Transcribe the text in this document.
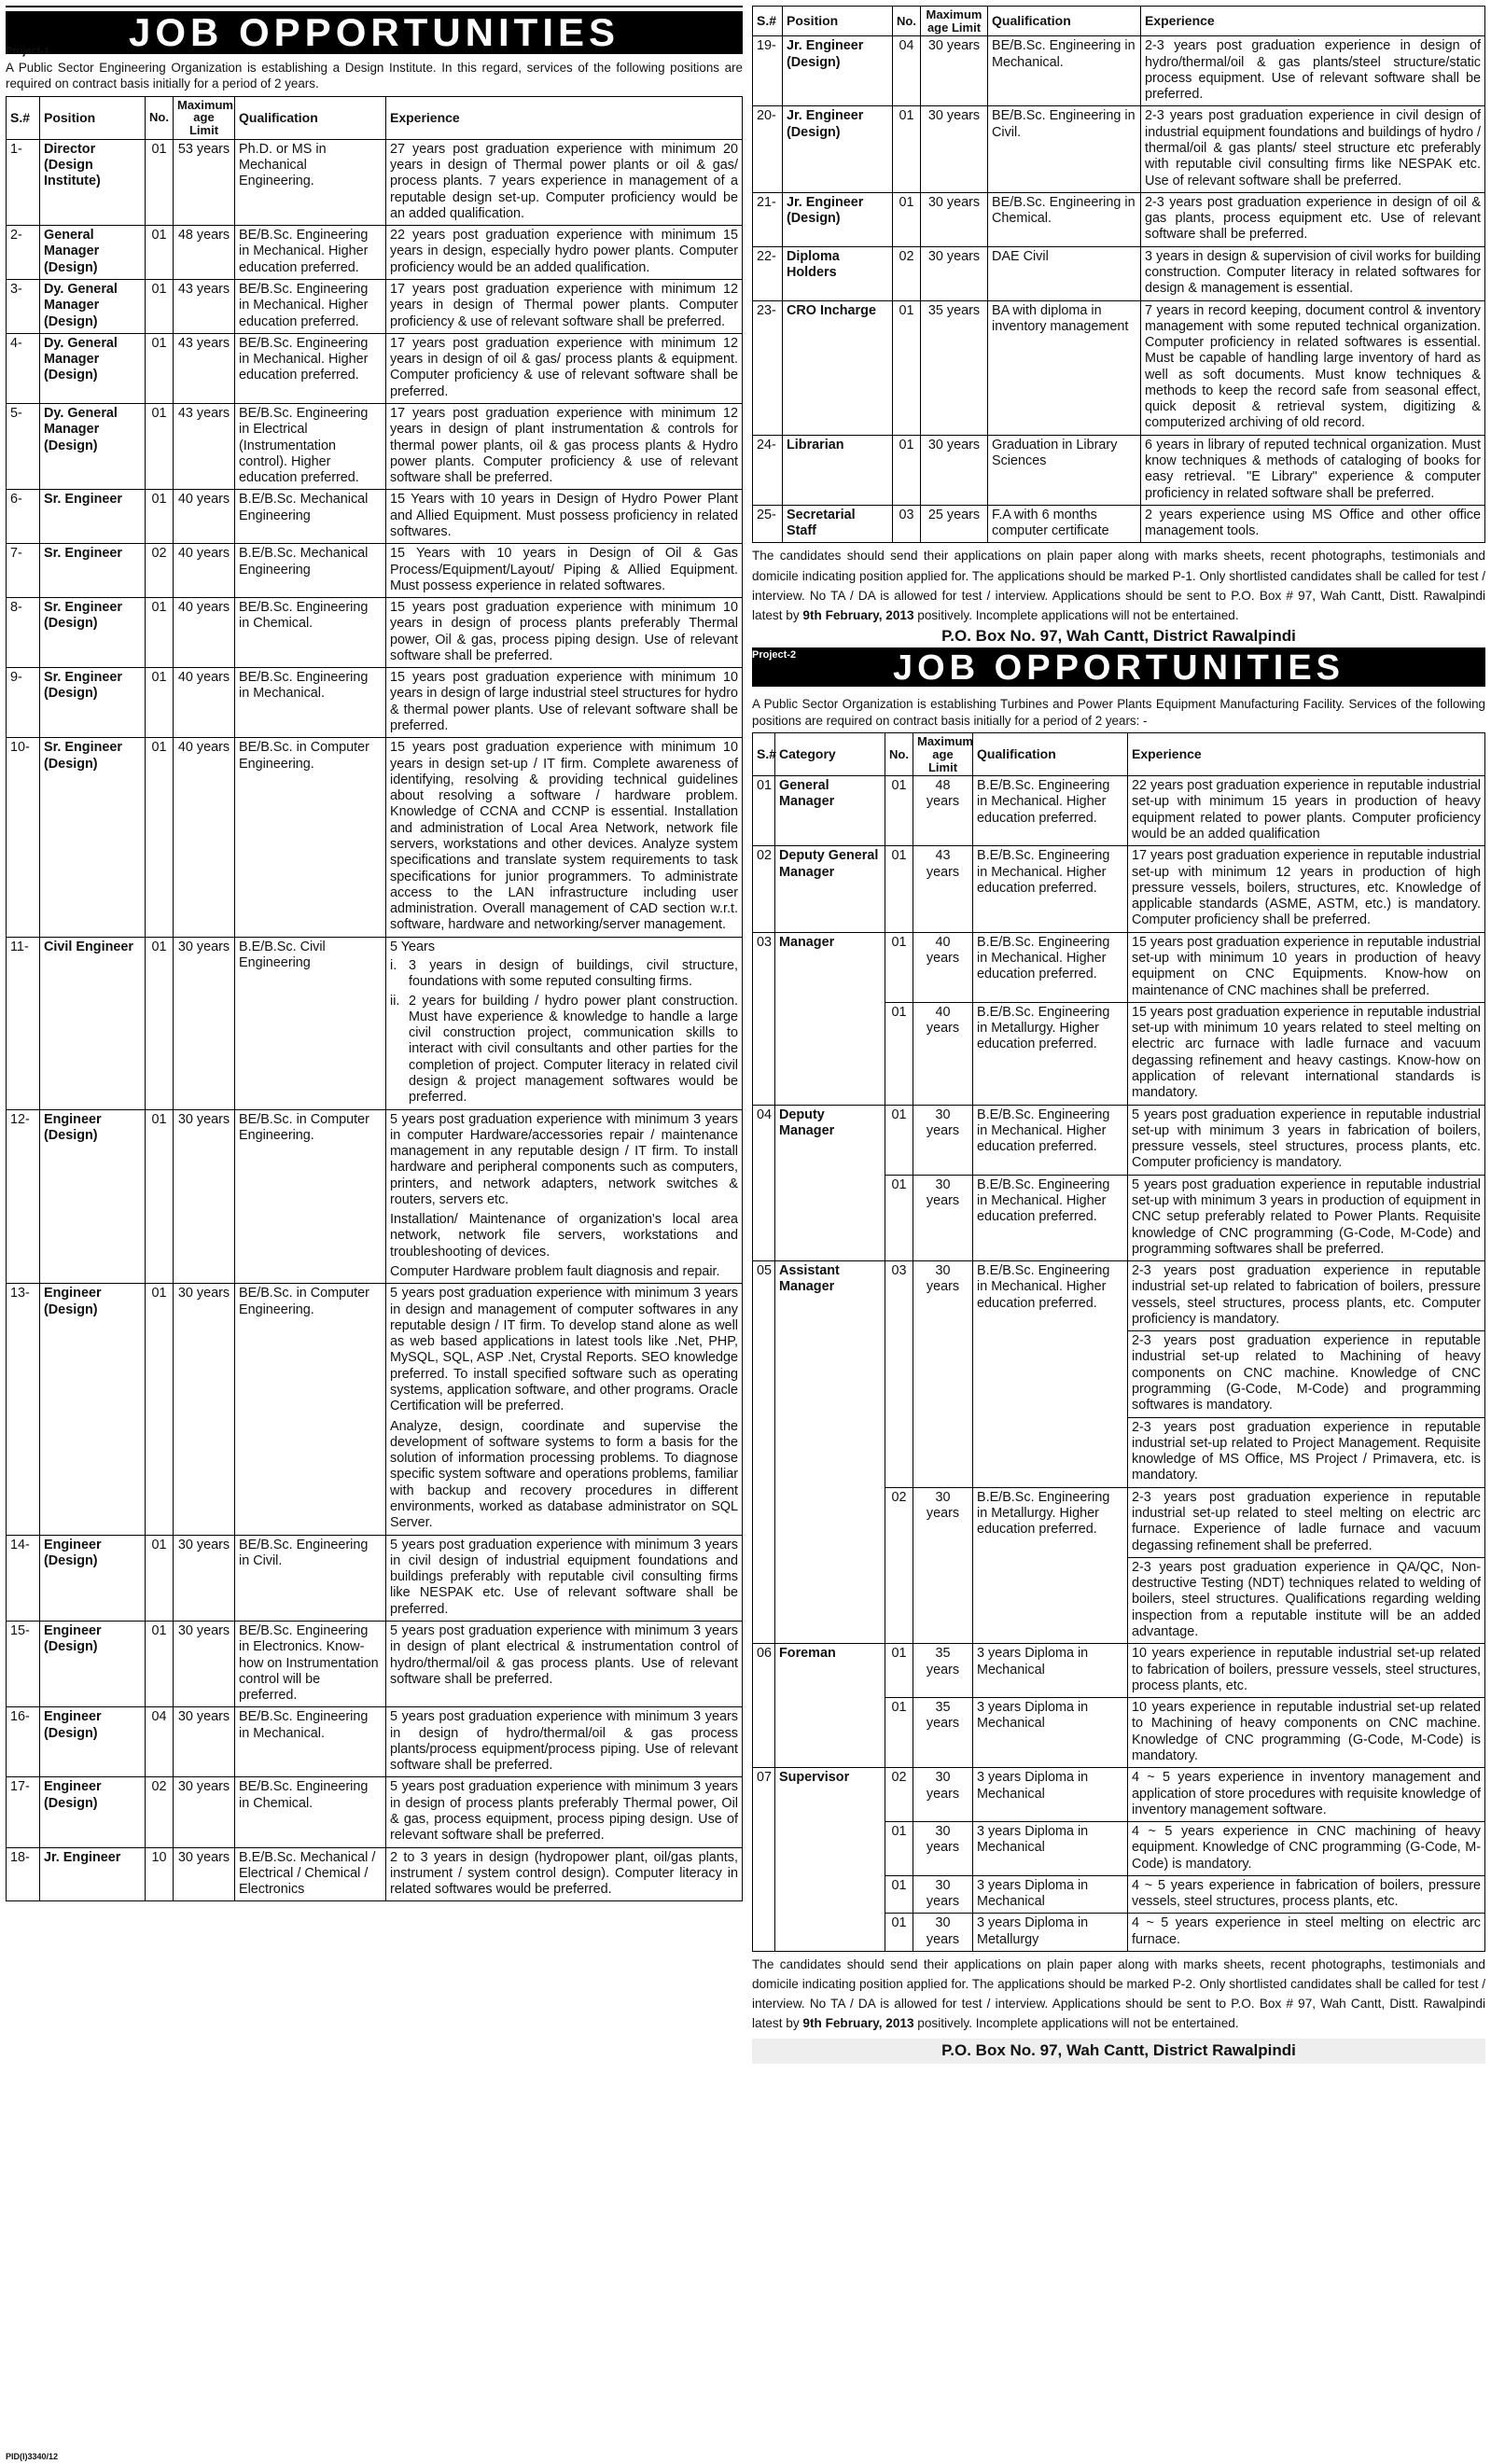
JOB OPPORTUNITIES
Project-1

A Public Sector Engineering Organization is establishing a Design Institute. In this regard, services of the following positions are required on contract basis initially for a period of 2 years.

S.#	Position	No.	Maximum age Limit	Qualification	Experience
1-	Director (Design Institute)	01	53 years	Ph.D. or MS in Mechanical Engineering.	27 years post graduation experience with minimum 20 years in design of Thermal power plants or oil & gas/ process plants. 7 years experience in management of a reputable design set-up. Computer proficiency would be an added qualification.
2-	General Manager (Design)	01	48 years	BE/B.Sc. Engineering in Mechanical. Higher education preferred.	22 years post graduation experience with minimum 15 years in design, especially hydro power plants. Computer proficiency would be an added qualification.
3-	Dy. General Manager (Design)	01	43 years	BE/B.Sc. Engineering in Mechanical. Higher education preferred.	17 years post graduation experience with minimum 12 years in design of Thermal power plants. Computer proficiency & use of relevant software shall be preferred.
4-	Dy. General Manager (Design)	01	43 years	BE/B.Sc. Engineering in Mechanical. Higher education preferred.	17 years post graduation experience with minimum 12 years in design of oil & gas/ process plants & equipment. Computer proficiency & use of relevant software shall be preferred.
5-	Dy. General Manager (Design)	01	43 years	BE/B.Sc. Engineering in Electrical (Instrumentation control). Higher education preferred.	17 years post graduation experience with minimum 12 years in design of plant instrumentation & controls for thermal power plants, oil & gas process plants & Hydro power plants. Computer proficiency & use of relevant software shall be preferred.
6-	Sr. Engineer	01	40 years	B.E/B.Sc. Mechanical Engineering	15 Years with 10 years in Design of Hydro Power Plant and Allied Equipment. Must possess proficiency in related softwares.
7-	Sr. Engineer	02	40 years	B.E/B.Sc. Mechanical Engineering	15 Years with 10 years in Design of Oil & Gas Process/Equipment/Layout/ Piping & Allied Equipment. Must possess experience in related softwares.
8-	Sr. Engineer (Design)	01	40 years	BE/B.Sc. Engineering in Chemical.	15 years post graduation experience with minimum 10 years in design of process plants preferably Thermal power, Oil & gas, process piping design. Use of relevant software shall be preferred.
9-	Sr. Engineer (Design)	01	40 years	BE/B.Sc. Engineering in Mechanical.	15 years post graduation experience with minimum 10 years in design of large industrial steel structures for hydro & thermal power plants. Use of relevant software shall be preferred.
10-	Sr. Engineer (Design)	01	40 years	BE/B.Sc. in Computer Engineering.	15 years post graduation experience with minimum 10 years in design set-up / IT firm. Complete awareness of identifying, resolving & providing technical guidelines about resolving a software / hardware problem. Knowledge of CCNA and CCNP is essential. Installation and administration of Local Area Network, network file servers, workstations and other devices. Analyze system specifications and translate system requirements to task specifications for junior programmers. To administrate access to the LAN infrastructure including user administration. Overall management of CAD section w.r.t. software, hardware and networking/server management.
11-	Civil Engineer	01	30 years	B.E/B.Sc. Civil Engineering	5 Years
i. 3 years in design of buildings, civil structure, foundations with some reputed consulting firms.
ii. 2 years for building / hydro power plant construction. Must have experience & knowledge to handle a large civil construction project, communication skills to interact with civil consultants and other parties for the completion of project. Computer literacy in related civil design & project management softwares would be preferred.

12-	Engineer (Design)	01	30 years	BE/B.Sc. in Computer Engineering.	5 years post graduation experience with minimum 3 years in computer Hardware/accessories repair / maintenance management in any reputable design / IT firm. To install hardware and peripheral components such as computers, printers, and network adapters, network switches & routers, servers etc.
Installation/ Maintenance of organization's local area network, network file servers, workstations and troubleshooting of devices.
Computer Hardware problem fault diagnosis and repair.

13-	Engineer (Design)	01	30 years	BE/B.Sc. in Computer Engineering.	5 years post graduation experience with minimum 3 years in design and management of computer softwares in any reputable design / IT firm. To develop stand alone as well as web based applications in latest tools like .Net, PHP, MySQL, SQL, ASP .Net, Crystal Reports. SEO knowledge preferred. To install specified software such as operating systems, application software, and other programs. Oracle Certification will be preferred.
Analyze, design, coordinate and supervise the development of software systems to form a basis for the solution of information processing problems. To diagnose specific system software and operations problems, familiar with backup and recovery procedures in different environments, worked as database administrator on SQL Server.

14-	Engineer (Design)	01	30 years	BE/B.Sc. Engineering in Civil.	5 years post graduation experience with minimum 3 years in civil design of industrial equipment foundations and buildings preferably with reputable civil consulting firms like NESPAK etc. Use of relevant software shall be preferred.
15-	Engineer (Design)	01	30 years	BE/B.Sc. Engineering in Electronics. Know-how on Instrumentation control will be preferred.	5 years post graduation experience with minimum 3 years in design of plant electrical & instrumentation control of hydro/thermal/oil & gas process plants. Use of relevant software shall be preferred.
16-	Engineer (Design)	04	30 years	BE/B.Sc. Engineering in Mechanical.	5 years post graduation experience with minimum 3 years in design of hydro/thermal/oil & gas process plants/process equipment/process piping. Use of relevant software shall be preferred.
17-	Engineer (Design)	02	30 years	BE/B.Sc. Engineering in Chemical.	5 years post graduation experience with minimum 3 years in design of process plants preferably Thermal power, Oil & gas, process equipment, process piping design. Use of relevant software shall be preferred.
18-	Jr. Engineer	10	30 years	B.E/B.Sc. Mechanical / Electrical / Chemical / Electronics	2 to 3 years in design (hydropower plant, oil/gas plants, instrument / system control design). Computer literacy in related softwares would be preferred.
S.#	Position	No.	Maximum age Limit	Qualification	Experience
19-	Jr. Engineer (Design)	04	30 years	BE/B.Sc. Engineering in Mechanical.	2-3 years post graduation experience in design of hydro/thermal/oil & gas plants/steel structure/static process equipment. Use of relevant software shall be preferred.
20-	Jr. Engineer (Design)	01	30 years	BE/B.Sc. Engineering in Civil.	2-3 years post graduation experience in civil design of industrial equipment foundations and buildings of hydro / thermal/oil & gas plants/ steel structure etc preferably with reputable civil consulting firms like NESPAK etc. Use of relevant software shall be preferred.
21-	Jr. Engineer (Design)	01	30 years	BE/B.Sc. Engineering in Chemical.	2-3 years post graduation experience in design of oil & gas plants, process equipment etc. Use of relevant software shall be preferred.
22-	Diploma Holders	02	30 years	DAE Civil	3 years in design & supervision of civil works for building construction. Computer literacy in related softwares for design & management is essential.
23-	CRO Incharge	01	35 years	BA with diploma in inventory management	7 years in record keeping, document control & inventory management with some reputed technical organization. Computer proficiency in related softwares is essential. Must be capable of handling large inventory of hard as well as soft documents. Must know techniques & methods to keep the record safe from seasonal effect, quick deposit & retrieval system, digitizing & computerized archiving of old record.
24-	Librarian	01	30 years	Graduation in Library Sciences	6 years in library of reputed technical organization. Must know techniques & methods of cataloging of books for easy retrieval. "E Library" experience & computer proficiency in related software shall be preferred.
25-	Secretarial Staff	03	25 years	F.A with 6 months computer certificate	2 years experience using MS Office and other office management tools.

The candidates should send their applications on plain paper along with marks sheets, recent photographs, testimonials and domicile indicating position applied for. The applications should be marked P-1. Only shortlisted candidates shall be called for test / interview. No TA / DA is allowed for test / interview. Applications should be sent to P.O. Box # 97, Wah Cantt, Distt. Rawalpindi latest by 9th February, 2013 positively. Incomplete applications will not be entertained.

P.O. Box No. 97, Wah Cantt, District Rawalpindi
JOB OPPORTUNITIES
Project-2

A Public Sector Organization is establishing Turbines and Power Plants Equipment Manufacturing Facility. Services of the following positions are required on contract basis initially for a period of 2 years: -

S.#	Category	No.	Maximum age Limit	Qualification	Experience
01	General Manager	01	48 years	B.E/B.Sc. Engineering in Mechanical. Higher education preferred.	22 years post graduation experience in reputable industrial set-up with minimum 15 years in production of heavy equipment related to power plants. Computer proficiency would be an added qualification
02	Deputy General Manager	01	43 years	B.E/B.Sc. Engineering in Mechanical. Higher education preferred.	17 years post graduation experience in reputable industrial set-up with minimum 12 years in production of high pressure vessels, boilers, structures, etc. Knowledge of applicable standards (ASME, ASTM, etc.) is mandatory. Computer proficiency shall be preferred.
03	Manager	01	40 years	B.E/B.Sc. Engineering in Mechanical. Higher education preferred.	15 years post graduation experience in reputable industrial set-up with minimum 10 years in production of heavy equipment on CNC Equipments. Know-how on maintenance of CNC machines shall be preferred.
		01	40 years	B.E/B.Sc. Engineering in Metallurgy. Higher education preferred.	15 years post graduation experience in reputable industrial set-up with minimum 10 years related to steel melting on electric arc furnace with ladle furnace and vacuum degassing refinement and heavy castings. Know-how on application of relevant international standards is mandatory.
04	Deputy Manager	01	30 years	B.E/B.Sc. Engineering in Mechanical. Higher education preferred.	5 years post graduation experience in reputable industrial set-up with minimum 3 years in fabrication of boilers, pressure vessels, steel structures, process plants, etc. Computer proficiency is mandatory.
		01	30 years	B.E/B.Sc. Engineering in Mechanical. Higher education preferred.	5 years post graduation experience in reputable industrial set-up with minimum 3 years in production of equipment in CNC setup preferably related to Power Plants. Requisite knowledge of CNC programming (G-Code, M-Code) and programming softwares shall be preferred.
05	Assistant Manager	03	30 years	B.E/B.Sc. Engineering in Mechanical. Higher education preferred.	2-3 years post graduation experience in reputable industrial set-up related to fabrication of boilers, pressure vessels, steel structures, process plants, etc. Computer proficiency is mandatory.
					2-3 years post graduation experience in reputable industrial set-up related to Machining of heavy components on CNC machine. Knowledge of CNC programming (G-Code, M-Code) and programming softwares is mandatory.
					2-3 years post graduation experience in reputable industrial set-up related to Project Management. Requisite knowledge of MS Office, MS Project / Primavera, etc. is mandatory.
		02	30 years	B.E/B.Sc. Engineering in Metallurgy. Higher education preferred.	2-3 years post graduation experience in reputable industrial set-up related to steel melting on electric arc furnace. Experience of ladle furnace and vacuum degassing refinement shall be preferred.
					2-3 years post graduation experience in QA/QC, Non-destructive Testing (NDT) techniques related to welding of boilers, steel structures. Qualifications regarding welding inspection from a reputable institute will be an added advantage.
06	Foreman	01	35 years	3 years Diploma in Mechanical	10 years experience in reputable industrial set-up related to fabrication of boilers, pressure vessels, steel structures, process plants, etc.
		01	35 years	3 years Diploma in Mechanical	10 years experience in reputable industrial set-up related to Machining of heavy components on CNC machine. Knowledge of CNC programming (G-Code, M-Code) is mandatory.
07	Supervisor	02	30 years	3 years Diploma in Mechanical	4 ~ 5 years experience in inventory management and application of store procedures with requisite knowledge of inventory management software.
		01	30 years	3 years Diploma in Mechanical	4 ~ 5 years experience in CNC machining of heavy equipment. Knowledge of CNC programming (G-Code, M-Code) is mandatory.
		01	30 years	3 years Diploma in Mechanical	4 ~ 5 years experience in fabrication of boilers, pressure vessels, steel structures, process plants, etc.
		01	30 years	3 years Diploma in Metallurgy	4 ~ 5 years experience in steel melting on electric arc furnace.

The candidates should send their applications on plain paper along with marks sheets, recent photographs, testimonials and domicile indicating position applied for. The applications should be marked P-2. Only shortlisted candidates shall be called for test / interview. No TA / DA is allowed for test / interview. Applications should be sent to P.O. Box # 97, Wah Cantt, Distt. Rawalpindi latest by 9th February, 2013 positively. Incomplete applications will not be entertained.

P.O. Box No. 97, Wah Cantt, District Rawalpindi
PID(I)3340/12
